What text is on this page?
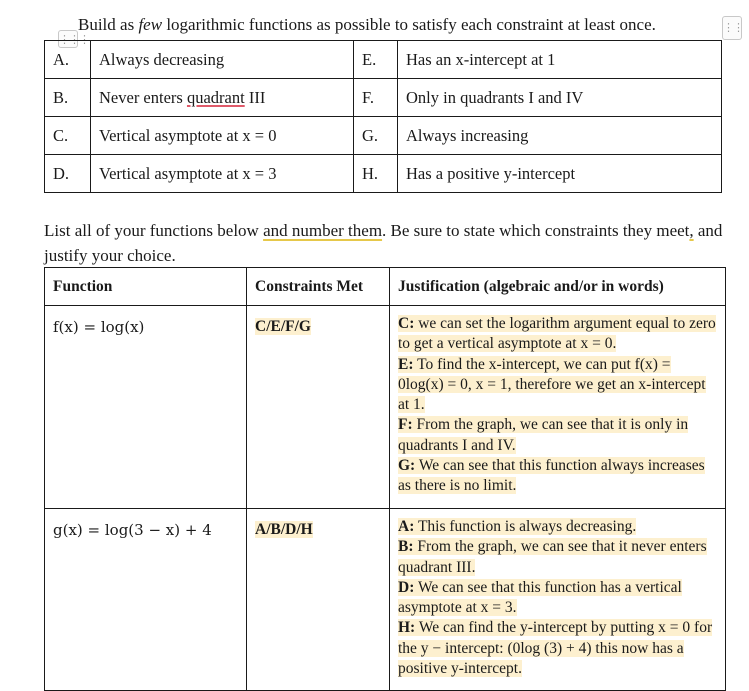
⋮⋮⋮
⋮⋮
Build as few logarithmic functions as possible to satisfy each constraint at least once.
A.	Always decreasing	E.	Has an x-intercept at 1
B.	Never enters quadrant III	F.	Only in quadrants I and IV
C.	Vertical asymptote at x = 0	G.	Always increasing
D.	Vertical asymptote at x = 3	H.	Has a positive y-intercept
List all of your functions below and number them. Be sure to state which constraints they meet, and justify your choice.
Function	Constraints Met	Justification (algebraic and/or in words)
f(x) = log(x)	C/E/F/G	C: we can set the logarithm argument equal to zero to get a vertical asymptote at x = 0.
E: To find the x-intercept, we can put f(x) = 0log(x) = 0, x = 1, therefore we get an x-intercept at 1.
F: From the graph, we can see that it is only in quadrants I and IV.
G: We can see that this function always increases as there is no limit.
g(x) = log(3 − x) + 4	A/B/D/H	A: This function is always decreasing.
B: From the graph, we can see that it never enters quadrant III.
D: We can see that this function has a vertical asymptote at x = 3.
H: We can find the y-intercept by putting x = 0 for the y − intercept: (0log (3) + 4) this now has a positive y-intercept.
